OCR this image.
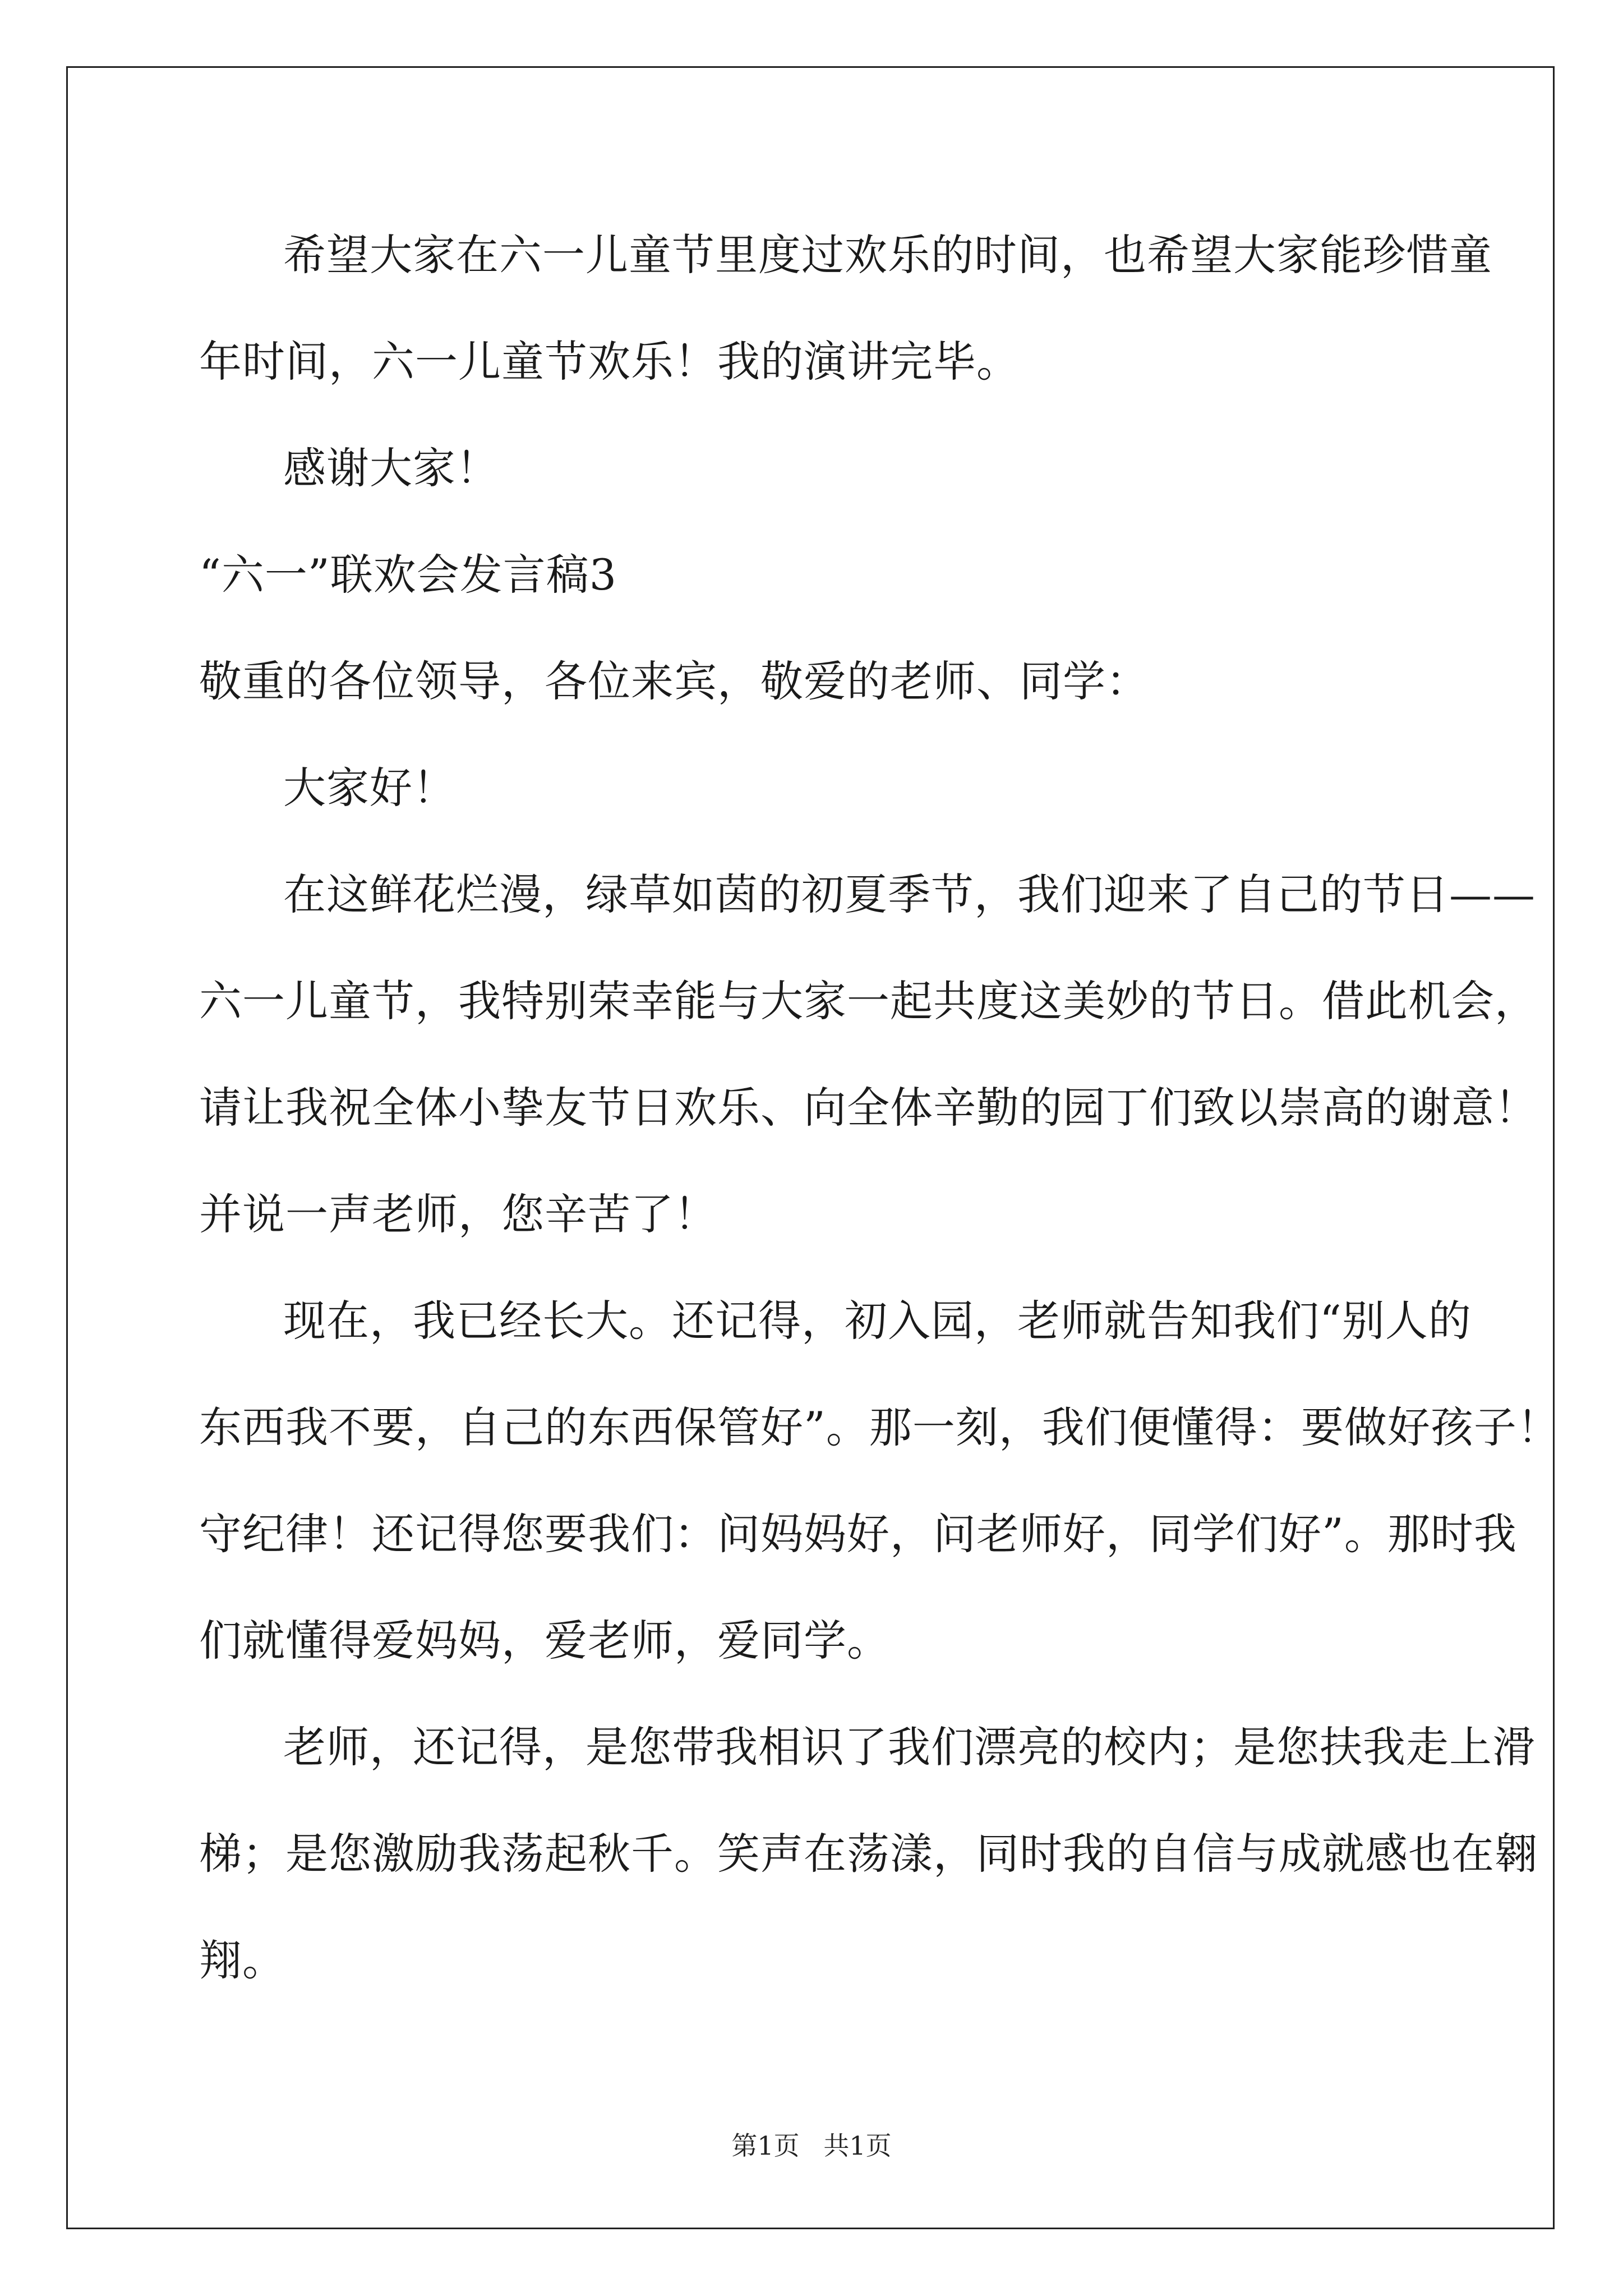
希望大家在六一儿童节里度过欢乐的时间，也希望大家能珍惜童
年时间，六一儿童节欢乐！我的演讲完毕。

感谢大家！

“六一”联欢会发言稿3

敬重的各位领导，各位来宾，敬爱的老师、同学：

大家好！

在这鲜花烂漫，绿草如茵的初夏季节，我们迎来了自己的节日——
六一儿童节，我特别荣幸能与大家一起共度这美妙的节日。借此机会，
请让我祝全体小挚友节日欢乐、向全体辛勤的园丁们致以崇高的谢意！
并说一声老师，您辛苦了！

现在，我已经长大。还记得，初入园，老师就告知我们“别人的
东西我不要，自己的东西保管好”。那一刻，我们便懂得：要做好孩子！
守纪律！还记得您要我们：问妈妈好，问老师好，同学们好”。那时我
们就懂得爱妈妈，爱老师，爱同学。

老师，还记得，是您带我相识了我们漂亮的校内；是您扶我走上滑
梯；是您激励我荡起秋千。笑声在荡漾，同时我的自信与成就感也在翱
翔。

第1页 共1页
